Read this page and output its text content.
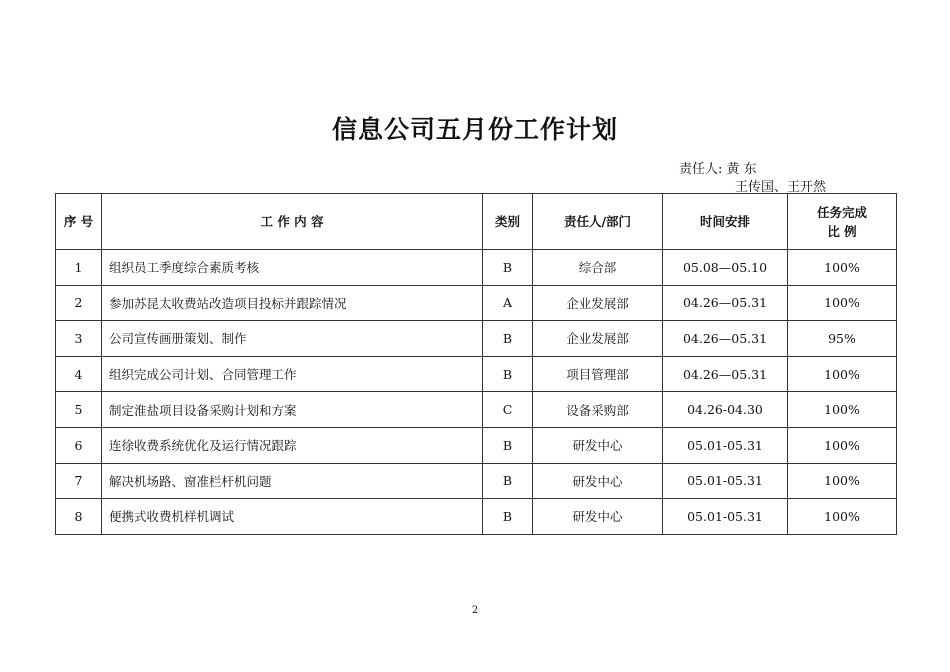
信息公司五月份工作计划
责任人: 黄 东
王传国、王开然
序 号	工 作 内 容	类别	责任人/部门	时间安排	任务完成
比 例

1	组织员工季度综合素质考核	B	综合部	05.08—05.10	100%
2	参加苏昆太收费站改造项目投标并跟踪情况	A	企业发展部	04.26—05.31	100%
3	公司宣传画册策划、制作	B	企业发展部	04.26—05.31	95%
4	组织完成公司计划、合同管理工作	B	项目管理部	04.26—05.31	100%
5	制定淮盐项目设备采购计划和方案	C	设备采购部	04.26-04.30	100%
6	连徐收费系统优化及运行情况跟踪	B	研发中心	05.01-05.31	100%
7	解决机场路、窗准栏杆机问题	B	研发中心	05.01-05.31	100%
8	便携式收费机样机调试	B	研发中心	05.01-05.31	100%
2
